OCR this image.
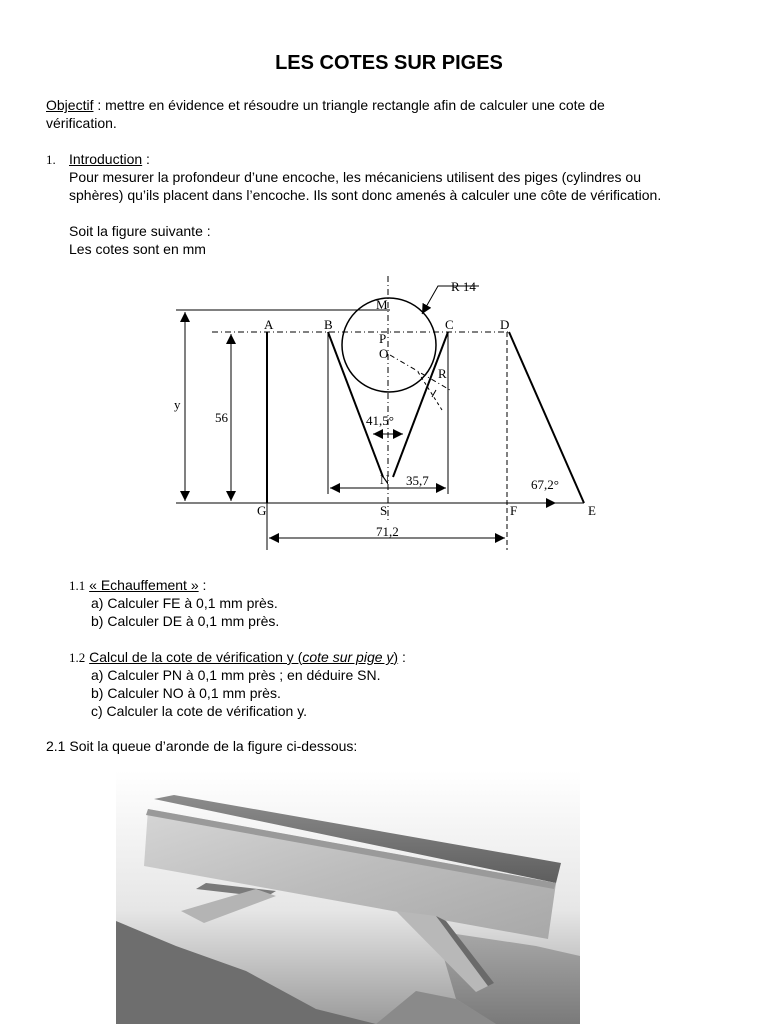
LES COTES SUR PIGES
Objectif : mettre en évidence et résoudre un triangle rectangle afin de calculer une cote de
vérification.
1. Introduction :
Pour mesurer la profondeur d’une encoche, les mécaniciens utilisent des piges (cylindres ou
sphères) qu’ils placent dans l’encoche. Ils sont donc amenés à calculer une côte de vérification.
Soit la figure suivante :
Les cotes sont en mm
M
A	B	C	D
P
O
R
N
G	S	F	E
y
R 14
56	41,5°
35,7	67,2°
71,2
1.1 « Echauffement » :
a) Calculer FE à 0,1 mm près.
b) Calculer DE à 0,1 mm près.
1.2 Calcul de la cote de vérification y (cote sur pige y) :
a) Calculer PN à 0,1 mm près ; en déduire SN.
b) Calculer NO à 0,1 mm près.
c) Calculer la cote de vérification y.
2.1 Soit la queue d’aronde de la figure ci-dessous:
